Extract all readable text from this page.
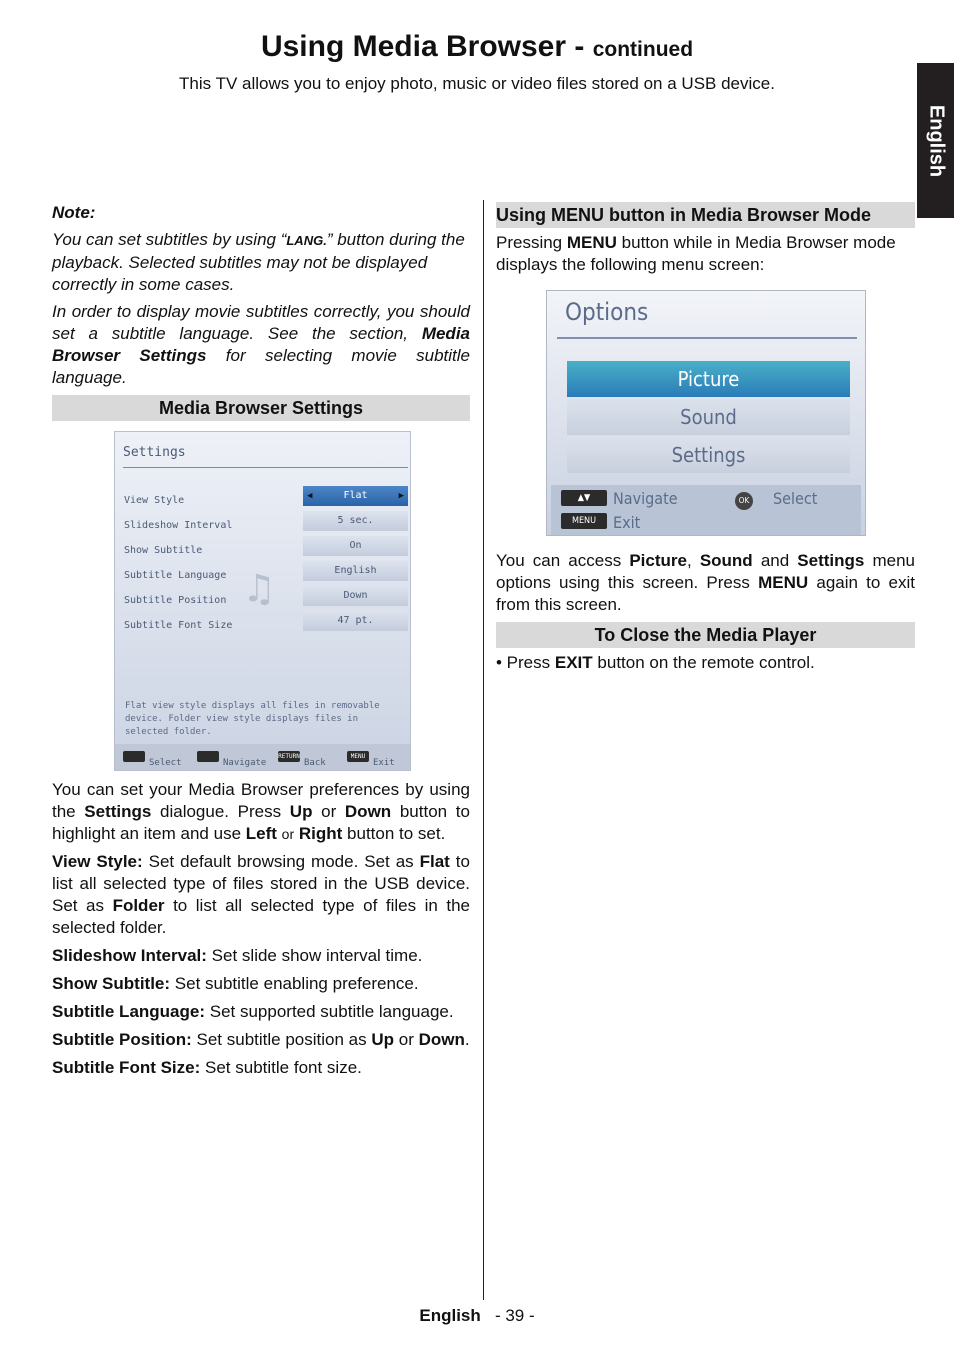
Using Media Browser - continued
This TV allows you to enjoy photo, music or video files stored on a USB device.
English

Note:

You can set subtitles by using “LANG.” button during the playback. Selected subtitles may not be displayed correctly in some cases.

In order to display movie subtitles correctly, you should set a subtitle language. See the section, Media Browser Settings for selecting movie subtitle language.

Media Browser Settings
Settings
♫
View Style	◀	Flat	▶
Slideshow Interval	5 sec.
Show Subtitle	On
Subtitle Language	English
Subtitle Position	Down
Subtitle Font Size	47 pt.
Flat view style displays all files in removable device. Folder view style displays files in selected folder.
Select	Navigate
RETURN
Back
MENU
Exit

You can set your Media Browser preferences by using the Settings dialogue. Press Up or Down button to highlight an item and use Left or Right button to set.

View Style: Set default browsing mode. Set as Flat to list all selected type of files stored in the USB device. Set as Folder to list all selected type of files in the selected folder.

Slideshow Interval: Set slide show interval time.

Show Subtitle: Set subtitle enabling preference.

Subtitle Language: Set supported subtitle language.

Subtitle Position: Set subtitle position as Up or Down.

Subtitle Font Size: Set subtitle font size.

Using MENU button in Media Browser Mode

Pressing MENU button while in Media Browser mode displays the following menu screen:

Options
Picture
Sound
Settings
▲▼	Navigate	OK Select
MENU	Exit

You can access Picture, Sound and Settings menu options using this screen. Press MENU again to exit from this screen.

To Close the Media Player

• Press EXIT button on the remote control.

English - 39 -
